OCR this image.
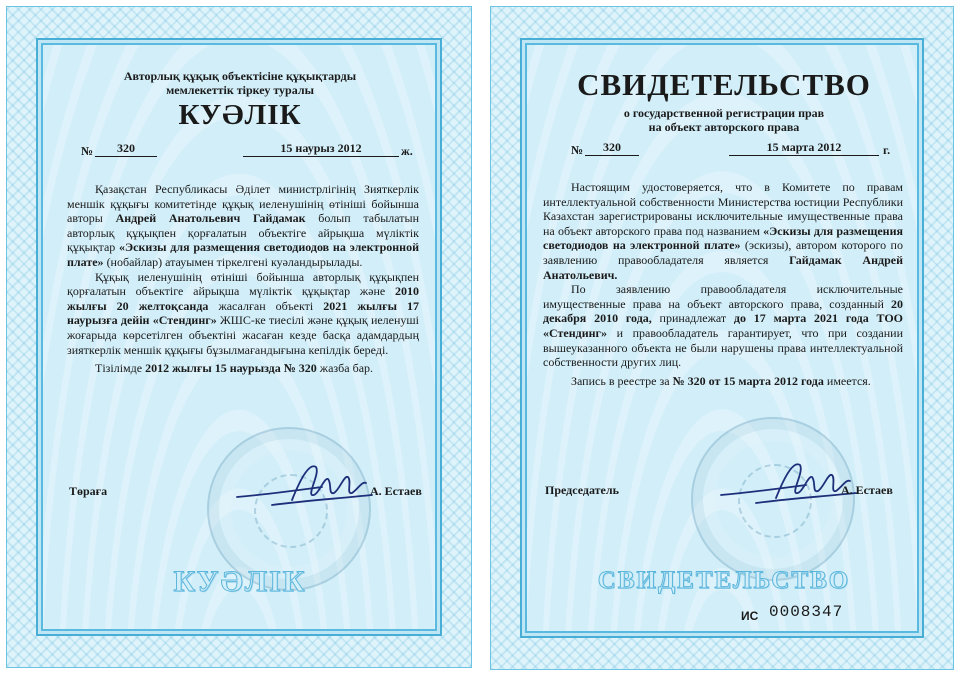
Авторлық құқық объектісіне құқықтарды
мемлекеттік тіркеу туралы
КУӘЛІК
№	320	15 наурыз 2012	ж.

Қазақстан Республикасы Әділет министрлігінің Зияткерлік меншік құқығы комитетінде құқық иеленушінің өтініші бойынша авторы Андрей Анатольевич Гайдамак болып табылатын авторлық құқықпен қорғалатын объектіге айрықша мүліктік құқықтар «Эскизы для размещения светодиодов на электронной плате» (нобайлар) атауымен тіркелгені куәландырылады.

Құқық иеленушінің өтініші бойынша авторлық құқықпен қорғалатын объектіге айрықша мүліктік құқықтар және 2010 жылғы 20 желтоқсанда жасалған объекті 2021 жылғы 17 наурызға дейін «Стендинг» ЖШС-ке тиесілі және құқық иеленуші жоғарыда көрсетілген объектіні жасаған кезде басқа адамдардың зияткерлік меншік құқығы бұзылмағандығына кепілдік береді.

Тізілімде 2012 жылғы 15 наурызда № 320 жазба бар.

Төраға	А. Естаев
КУӘЛІК
СВИДЕТЕЛЬСТВО
о государственной регистрации прав
на объект авторского права
№	320	15 марта 2012	г.

Настоящим удостоверяется, что в Комитете по правам интеллектуальной собственности Министерства юстиции Республики Казахстан зарегистрированы исключительные имущественные права на объект авторского права под названием «Эскизы для размещения светодиодов на электронной плате» (эскизы), автором которого по заявлению правообладателя является Гайдамак Андрей Анатольевич.

По заявлению правообладателя исключительные имущественные права на объект авторского права, созданный 20 декабря 2010 года, принадлежат до 17 марта 2021 года ТОО «Стендинг» и правообладатель гарантирует, что при создании вышеуказанного объекта не были нарушены права интеллектуальной собственности других лиц.

Запись в реестре за № 320 от 15 марта 2012 года имеется.

Председатель	А. Естаев
СВИДЕТЕЛЬСТВО
ИС 0008347
